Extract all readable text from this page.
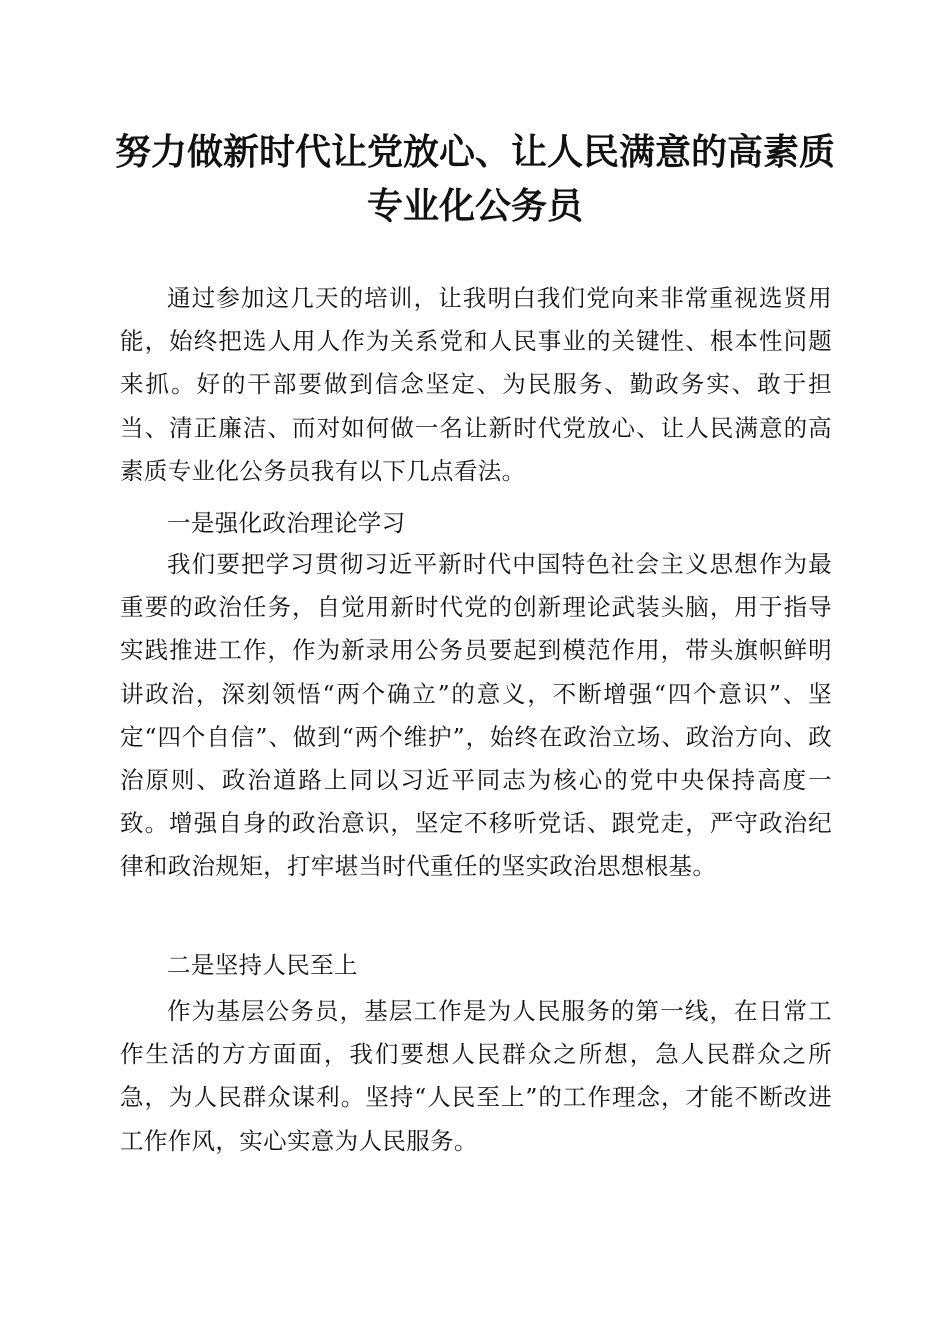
努力做新时代让党放心、让人民满意的高素质
专业化公务员

通过参加这几天的培训，让我明白我们党向来非常重视选贤用能，始终把选人用人作为关系党和人民事业的关键性、根本性问题来抓。好的干部要做到信念坚定、为民服务、勤政务实、敢于担当、清正廉洁、而对如何做一名让新时代党放心、让人民满意的高素质专业化公务员我有以下几点看法。

一是强化政治理论学习

我们要把学习贯彻习近平新时代中国特色社会主义思想作为最重要的政治任务，自觉用新时代党的创新理论武装头脑，用于指导实践推进工作，作为新录用公务员要起到模范作用，带头旗帜鲜明讲政治，深刻领悟“两个确立”的意义，不断增强“四个意识”、坚定“四个自信”、做到“两个维护”，始终在政治立场、政治方向、政治原则、政治道路上同以习近平同志为核心的党中央保持高度一致。增强自身的政治意识，坚定不移听党话、跟党走，严守政治纪律和政治规矩，打牢堪当时代重任的坚实政治思想根基。

二是坚持人民至上

作为基层公务员，基层工作是为人民服务的第一线，在日常工作生活的方方面面，我们要想人民群众之所想，急人民群众之所急，为人民群众谋利。坚持“人民至上”的工作理念，才能不断改进工作作风，实心实意为人民服务。
